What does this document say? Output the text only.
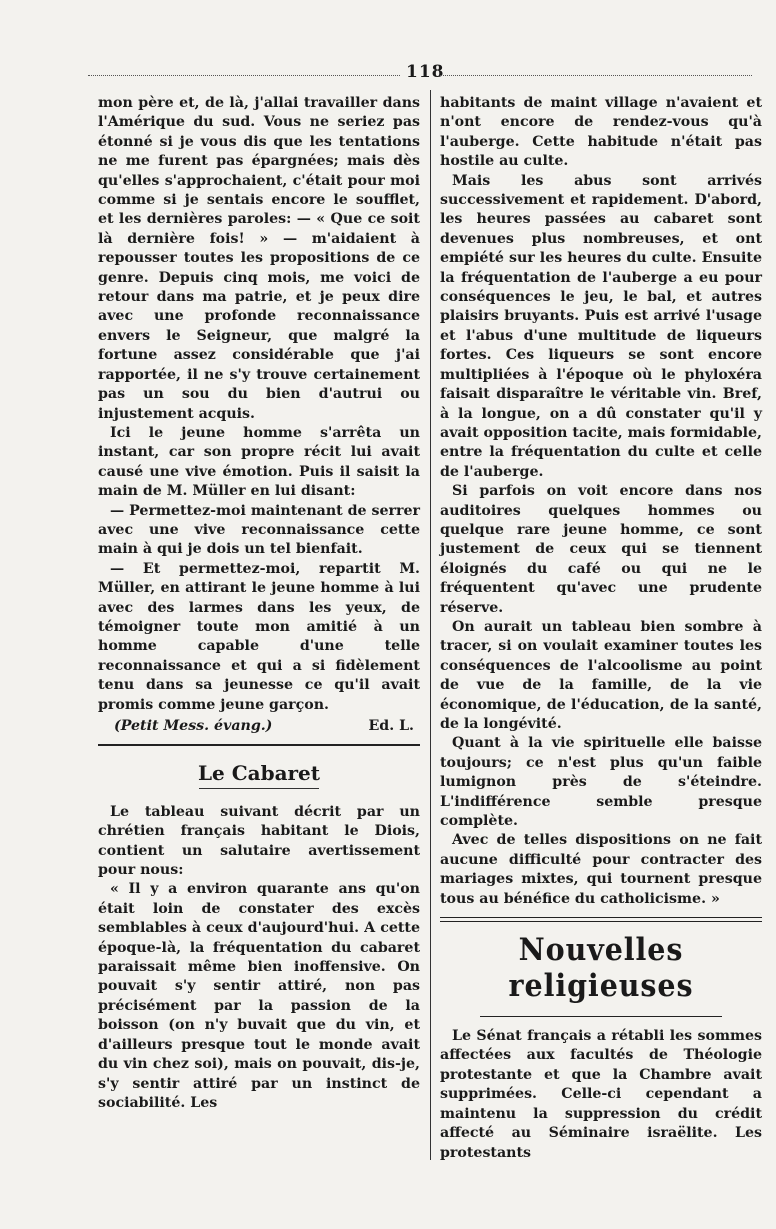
118

mon père et, de là, j'allai travailler dans l'Amérique du sud. Vous ne seriez pas étonné si je vous dis que les tentations ne me furent pas épargnées; mais dès qu'elles s'approchaient, c'était pour moi comme si je sentais encore le soufflet, et les dernières paroles: — « Que ce soit là dernière fois! » — m'aidaient à repousser toutes les propositions de ce genre. Depuis cinq mois, me voici de retour dans ma patrie, et je peux dire avec une profonde reconnaissance envers le Seigneur, que malgré la fortune assez considérable que j'ai rapportée, il ne s'y trouve certainement pas un sou du bien d'autrui ou injustement acquis.

Ici le jeune homme s'arrêta un instant, car son propre récit lui avait causé une vive émotion. Puis il saisit la main de M. Müller en lui disant:

— Permettez-moi maintenant de serrer avec une vive reconnaissance cette main à qui je dois un tel bienfait.

— Et permettez-moi, repartit M. Müller, en attirant le jeune homme à lui avec des larmes dans les yeux, de témoigner toute mon amitié à un homme capable d'une telle reconnaissance et qui a si fidèlement tenu dans sa jeunesse ce qu'il avait promis comme jeune garçon.

(Petit Mess. évang.)	Ed. L.
Le Cabaret

Le tableau suivant décrit par un chrétien français habitant le Diois, contient un salutaire avertissement pour nous:

« Il y a environ quarante ans qu'on était loin de constater des excès semblables à ceux d'aujourd'hui. A cette époque-là, la fréquentation du cabaret paraissait même bien inoffensive. On pouvait s'y sentir attiré, non pas précisément par la passion de la boisson (on n'y buvait que du vin, et d'ailleurs presque tout le monde avait du vin chez soi), mais on pouvait, dis-je, s'y sentir attiré par un instinct de sociabilité. Les

habitants de maint village n'avaient et n'ont encore de rendez-vous qu'à l'auberge. Cette habitude n'était pas hostile au culte.

Mais les abus sont arrivés successivement et rapidement. D'abord, les heures passées au cabaret sont devenues plus nombreuses, et ont empiété sur les heures du culte. Ensuite la fréquentation de l'auberge a eu pour conséquences le jeu, le bal, et autres plaisirs bruyants. Puis est arrivé l'usage et l'abus d'une multitude de liqueurs fortes. Ces liqueurs se sont encore multipliées à l'époque où le phyloxéra faisait disparaître le véritable vin. Bref, à la longue, on a dû constater qu'il y avait opposition tacite, mais formidable, entre la fréquentation du culte et celle de l'auberge.

Si parfois on voit encore dans nos auditoires quelques hommes ou quelque rare jeune homme, ce sont justement de ceux qui se tiennent éloignés du café ou qui ne le fréquentent qu'avec une prudente réserve.

On aurait un tableau bien sombre à tracer, si on voulait examiner toutes les conséquences de l'alcoolisme au point de vue de la famille, de la vie économique, de l'éducation, de la santé, de la longévité.

Quant à la vie spirituelle elle baisse toujours; ce n'est plus qu'un faible lumignon près de s'éteindre. L'indifférence semble presque complète.

Avec de telles dispositions on ne fait aucune difficulté pour contracter des mariages mixtes, qui tournent presque tous au bénéfice du catholicisme. »

Nouvelles religieuses

Le Sénat français a rétabli les sommes affectées aux facultés de Théologie protestante et que la Chambre avait supprimées. Celle-ci cependant a maintenu la suppression du crédit affecté au Séminaire israëlite. Les protestants
